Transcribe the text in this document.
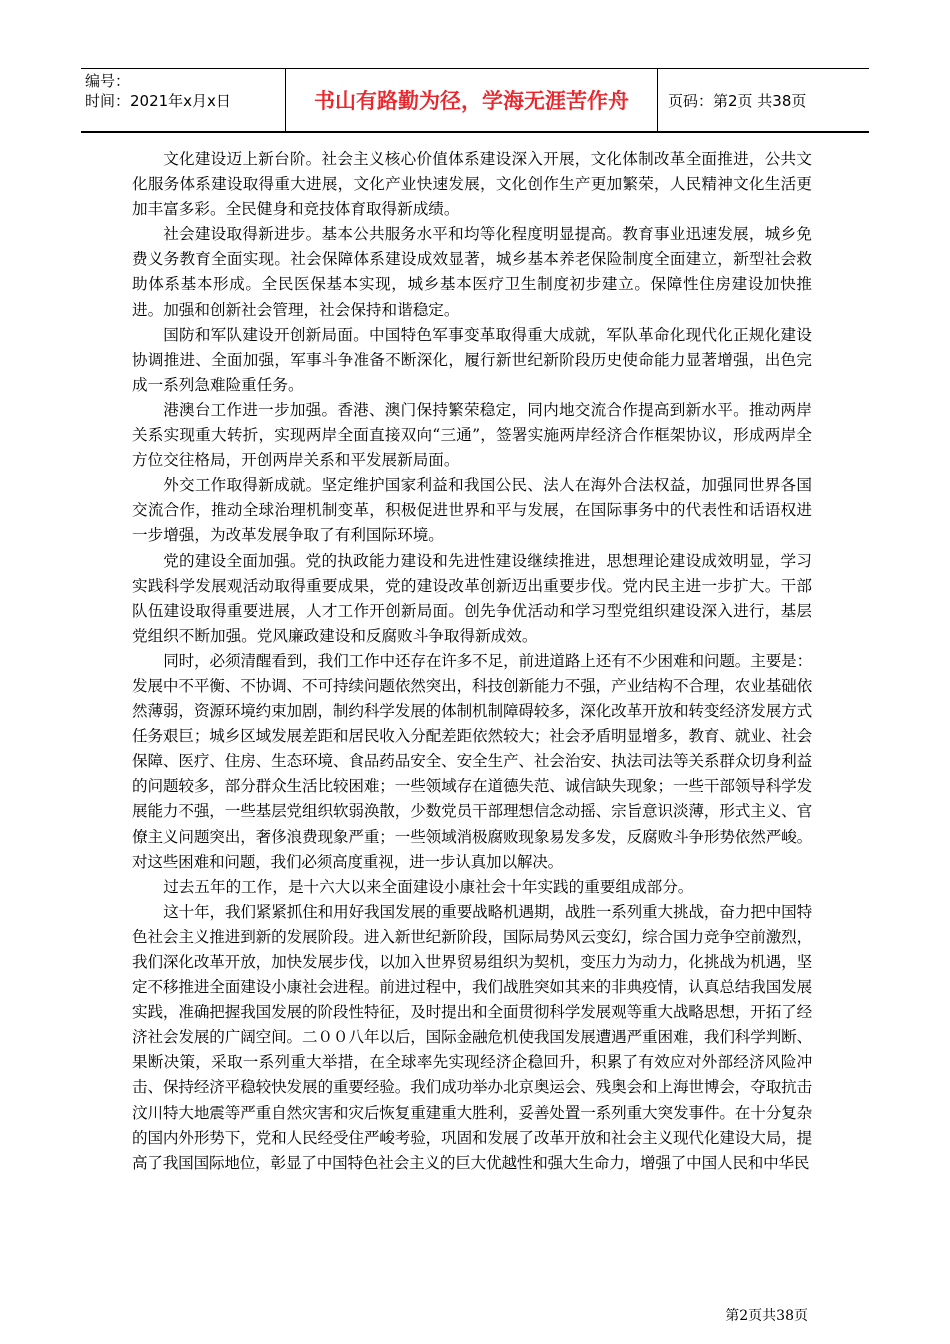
编号：
时间：2021年x月x日	书山有路勤为径，学海无涯苦作舟	页码：第2页 共38页

文化建设迈上新台阶。社会主义核心价值体系建设深入开展，文化体制改革全面推进，公共文化服务体系建设取得重大进展，文化产业快速发展，文化创作生产更加繁荣，人民精神文化生活更加丰富多彩。全民健身和竞技体育取得新成绩。

社会建设取得新进步。基本公共服务水平和均等化程度明显提高。教育事业迅速发展，城乡免费义务教育全面实现。社会保障体系建设成效显著，城乡基本养老保险制度全面建立，新型社会救助体系基本形成。全民医保基本实现，城乡基本医疗卫生制度初步建立。保障性住房建设加快推进。加强和创新社会管理，社会保持和谐稳定。

国防和军队建设开创新局面。中国特色军事变革取得重大成就，军队革命化现代化正规化建设协调推进、全面加强，军事斗争准备不断深化，履行新世纪新阶段历史使命能力显著增强，出色完成一系列急难险重任务。

港澳台工作进一步加强。香港、澳门保持繁荣稳定，同内地交流合作提高到新水平。推动两岸关系实现重大转折，实现两岸全面直接双向“三通”，签署实施两岸经济合作框架协议，形成两岸全方位交往格局，开创两岸关系和平发展新局面。

外交工作取得新成就。坚定维护国家利益和我国公民、法人在海外合法权益，加强同世界各国交流合作，推动全球治理机制变革，积极促进世界和平与发展，在国际事务中的代表性和话语权进一步增强，为改革发展争取了有利国际环境。

党的建设全面加强。党的执政能力建设和先进性建设继续推进，思想理论建设成效明显，学习实践科学发展观活动取得重要成果，党的建设改革创新迈出重要步伐。党内民主进一步扩大。干部队伍建设取得重要进展，人才工作开创新局面。创先争优活动和学习型党组织建设深入进行，基层党组织不断加强。党风廉政建设和反腐败斗争取得新成效。

同时，必须清醒看到，我们工作中还存在许多不足，前进道路上还有不少困难和问题。主要是：发展中不平衡、不协调、不可持续问题依然突出，科技创新能力不强，产业结构不合理，农业基础依然薄弱，资源环境约束加剧，制约科学发展的体制机制障碍较多，深化改革开放和转变经济发展方式任务艰巨；城乡区域发展差距和居民收入分配差距依然较大；社会矛盾明显增多，教育、就业、社会保障、医疗、住房、生态环境、食品药品安全、安全生产、社会治安、执法司法等关系群众切身利益的问题较多，部分群众生活比较困难；一些领域存在道德失范、诚信缺失现象；一些干部领导科学发展能力不强，一些基层党组织软弱涣散，少数党员干部理想信念动摇、宗旨意识淡薄，形式主义、官僚主义问题突出，奢侈浪费现象严重；一些领域消极腐败现象易发多发，反腐败斗争形势依然严峻。对这些困难和问题，我们必须高度重视，进一步认真加以解决。

过去五年的工作，是十六大以来全面建设小康社会十年实践的重要组成部分。

这十年，我们紧紧抓住和用好我国发展的重要战略机遇期，战胜一系列重大挑战，奋力把中国特色社会主义推进到新的发展阶段。进入新世纪新阶段，国际局势风云变幻，综合国力竞争空前激烈，我们深化改革开放，加快发展步伐，以加入世界贸易组织为契机，变压力为动力，化挑战为机遇，坚定不移推进全面建设小康社会进程。前进过程中，我们战胜突如其来的非典疫情，认真总结我国发展实践，准确把握我国发展的阶段性特征，及时提出和全面贯彻科学发展观等重大战略思想，开拓了经济社会发展的广阔空间。二００八年以后，国际金融危机使我国发展遭遇严重困难，我们科学判断、果断决策，采取一系列重大举措，在全球率先实现经济企稳回升，积累了有效应对外部经济风险冲击、保持经济平稳较快发展的重要经验。我们成功举办北京奥运会、残奥会和上海世博会，夺取抗击汶川特大地震等严重自然灾害和灾后恢复重建重大胜利，妥善处置一系列重大突发事件。在十分复杂的国内外形势下，党和人民经受住严峻考验，巩固和发展了改革开放和社会主义现代化建设大局，提高了我国国际地位，彰显了中国特色社会主义的巨大优越性和强大生命力，增强了中国人民和中华民

第2页共38页
